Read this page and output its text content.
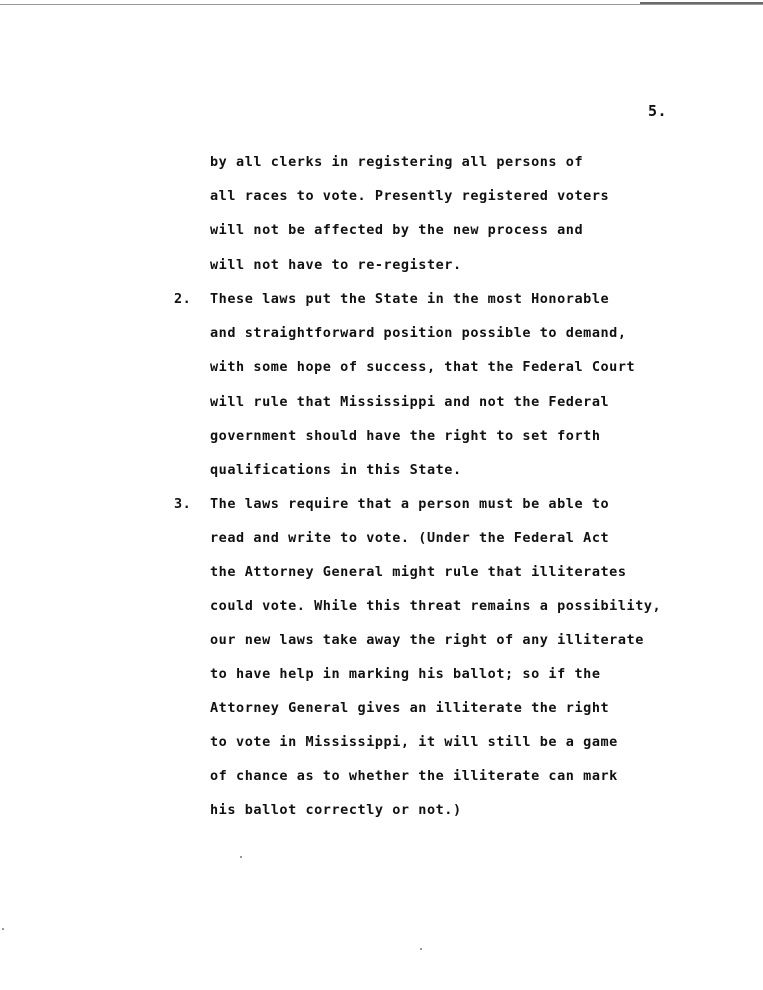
5.
by all clerks in registering all persons of
all races to vote. Presently registered voters
will not be affected by the new process and
will not have to re-register.
2. These laws put the State in the most Honorable
and straightforward position possible to demand,
with some hope of success, that the Federal Court
will rule that Mississippi and not the Federal
government should have the right to set forth
qualifications in this State.
3. The laws require that a person must be able to
read and write to vote. (Under the Federal Act
the Attorney General might rule that illiterates
could vote. While this threat remains a possibility,
our new laws take away the right of any illiterate
to have help in marking his ballot; so if the
Attorney General gives an illiterate the right
to vote in Mississippi, it will still be a game
of chance as to whether the illiterate can mark
his ballot correctly or not.)
